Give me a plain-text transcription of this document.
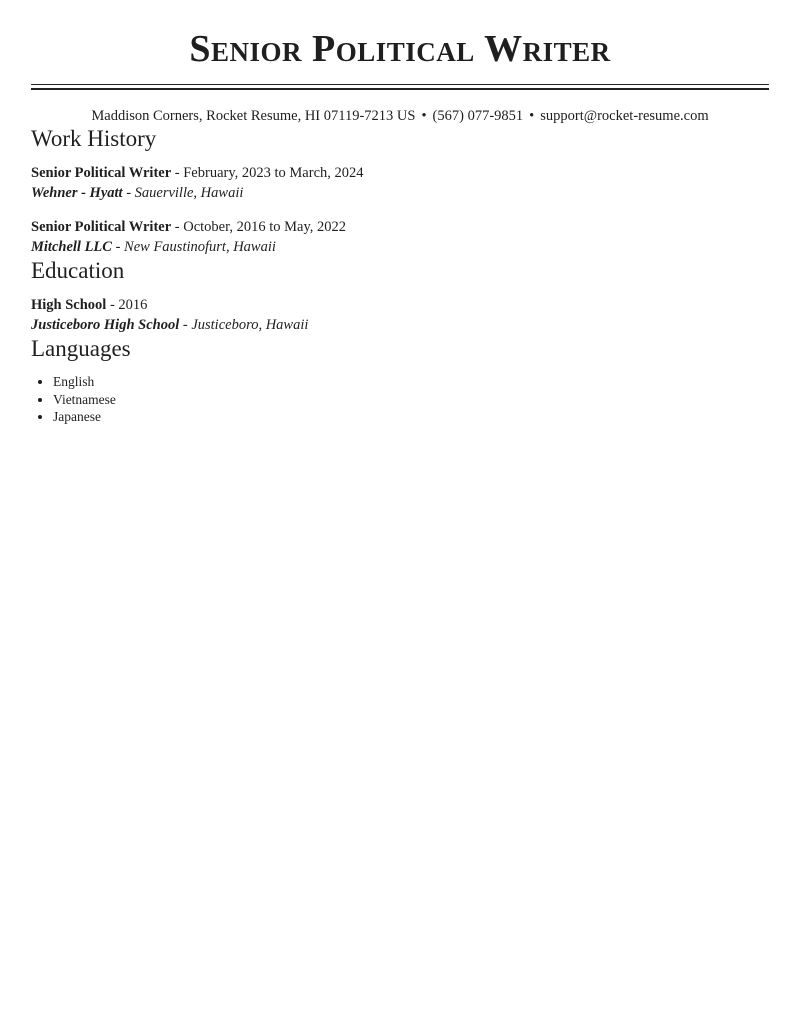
Senior Political Writer
Maddison Corners, Rocket Resume, HI 07119-7213 US • (567) 077-9851 • support@rocket-resume.com
Work History
Senior Political Writer - February, 2023 to March, 2024
Wehner - Hyatt - Sauerville, Hawaii
Senior Political Writer - October, 2016 to May, 2022
Mitchell LLC - New Faustinofurt, Hawaii
Education
High School - 2016
Justiceboro High School - Justiceboro, Hawaii
Languages
• English
• Vietnamese
• Japanese
